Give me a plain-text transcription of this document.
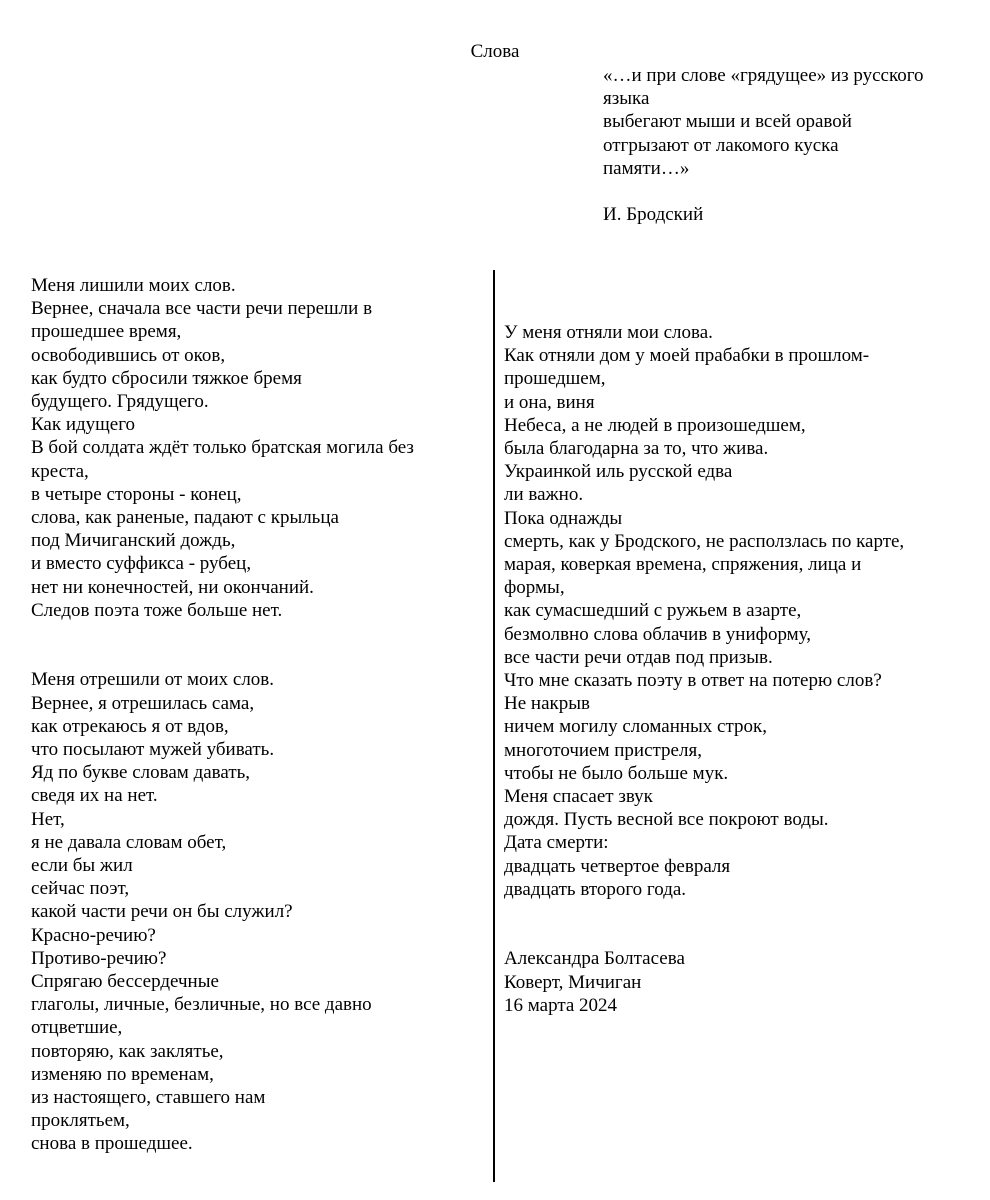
Слова
«…и при слове «грядущее» из русского
языка
выбегают мыши и всей оравой
отгрызают от лакомого куска
памяти…»
И. Бродский
Меня лишили моих слов.
Вернее, сначала все части речи перешли в
прошедшее время,
освободившись от оков,
как будто сбросили тяжкое бремя
будущего. Грядущего.
Как идущего
В бой солдата ждёт только братская могила без
креста,
в четыре стороны - конец,
слова, как раненые, падают с крыльца
под Мичиганский дождь,
и вместо суффикса - рубец,
нет ни конечностей, ни окончаний.
Следов поэта тоже больше нет.
Меня отрешили от моих слов.
Вернее, я отрешилась сама,
как отрекаюсь я от вдов,
что посылают мужей убивать.
Яд по букве словам давать,
сведя их на нет.
Нет,
я не давала словам обет,
если бы жил
сейчас поэт,
какой части речи он бы служил?
Красно-речию?
Противо-речию?
Спрягаю бессердечные
глаголы, личные, безличные, но все давно
отцветшие,
повторяю, как заклятье,
изменяю по временам,
из настоящего, ставшего нам
проклятьем,
снова в прошедшее.
У меня отняли мои слова.
Как отняли дом у моей прабабки в прошлом-
прошедшем,
и она, виня
Небеса, а не людей в произошедшем,
была благодарна за то, что жива.
Украинкой иль русской едва
ли важно.
Пока однажды
смерть, как у Бродского, не расползлась по карте,
марая, коверкая времена, спряжения, лица и
формы,
как сумасшедший с ружьем в азарте,
безмолвно слова облачив в униформу,
все части речи отдав под призыв.
Что мне сказать поэту в ответ на потерю слов?
Не накрыв
ничем могилу сломанных строк,
многоточием пристреля,
чтобы не было больше мук.
Меня спасает звук
дождя. Пусть весной все покроют воды.
Дата смерти:
двадцать четвертое февраля
двадцать второго года.
Александра Болтасева
Коверт, Мичиган
16 марта 2024
